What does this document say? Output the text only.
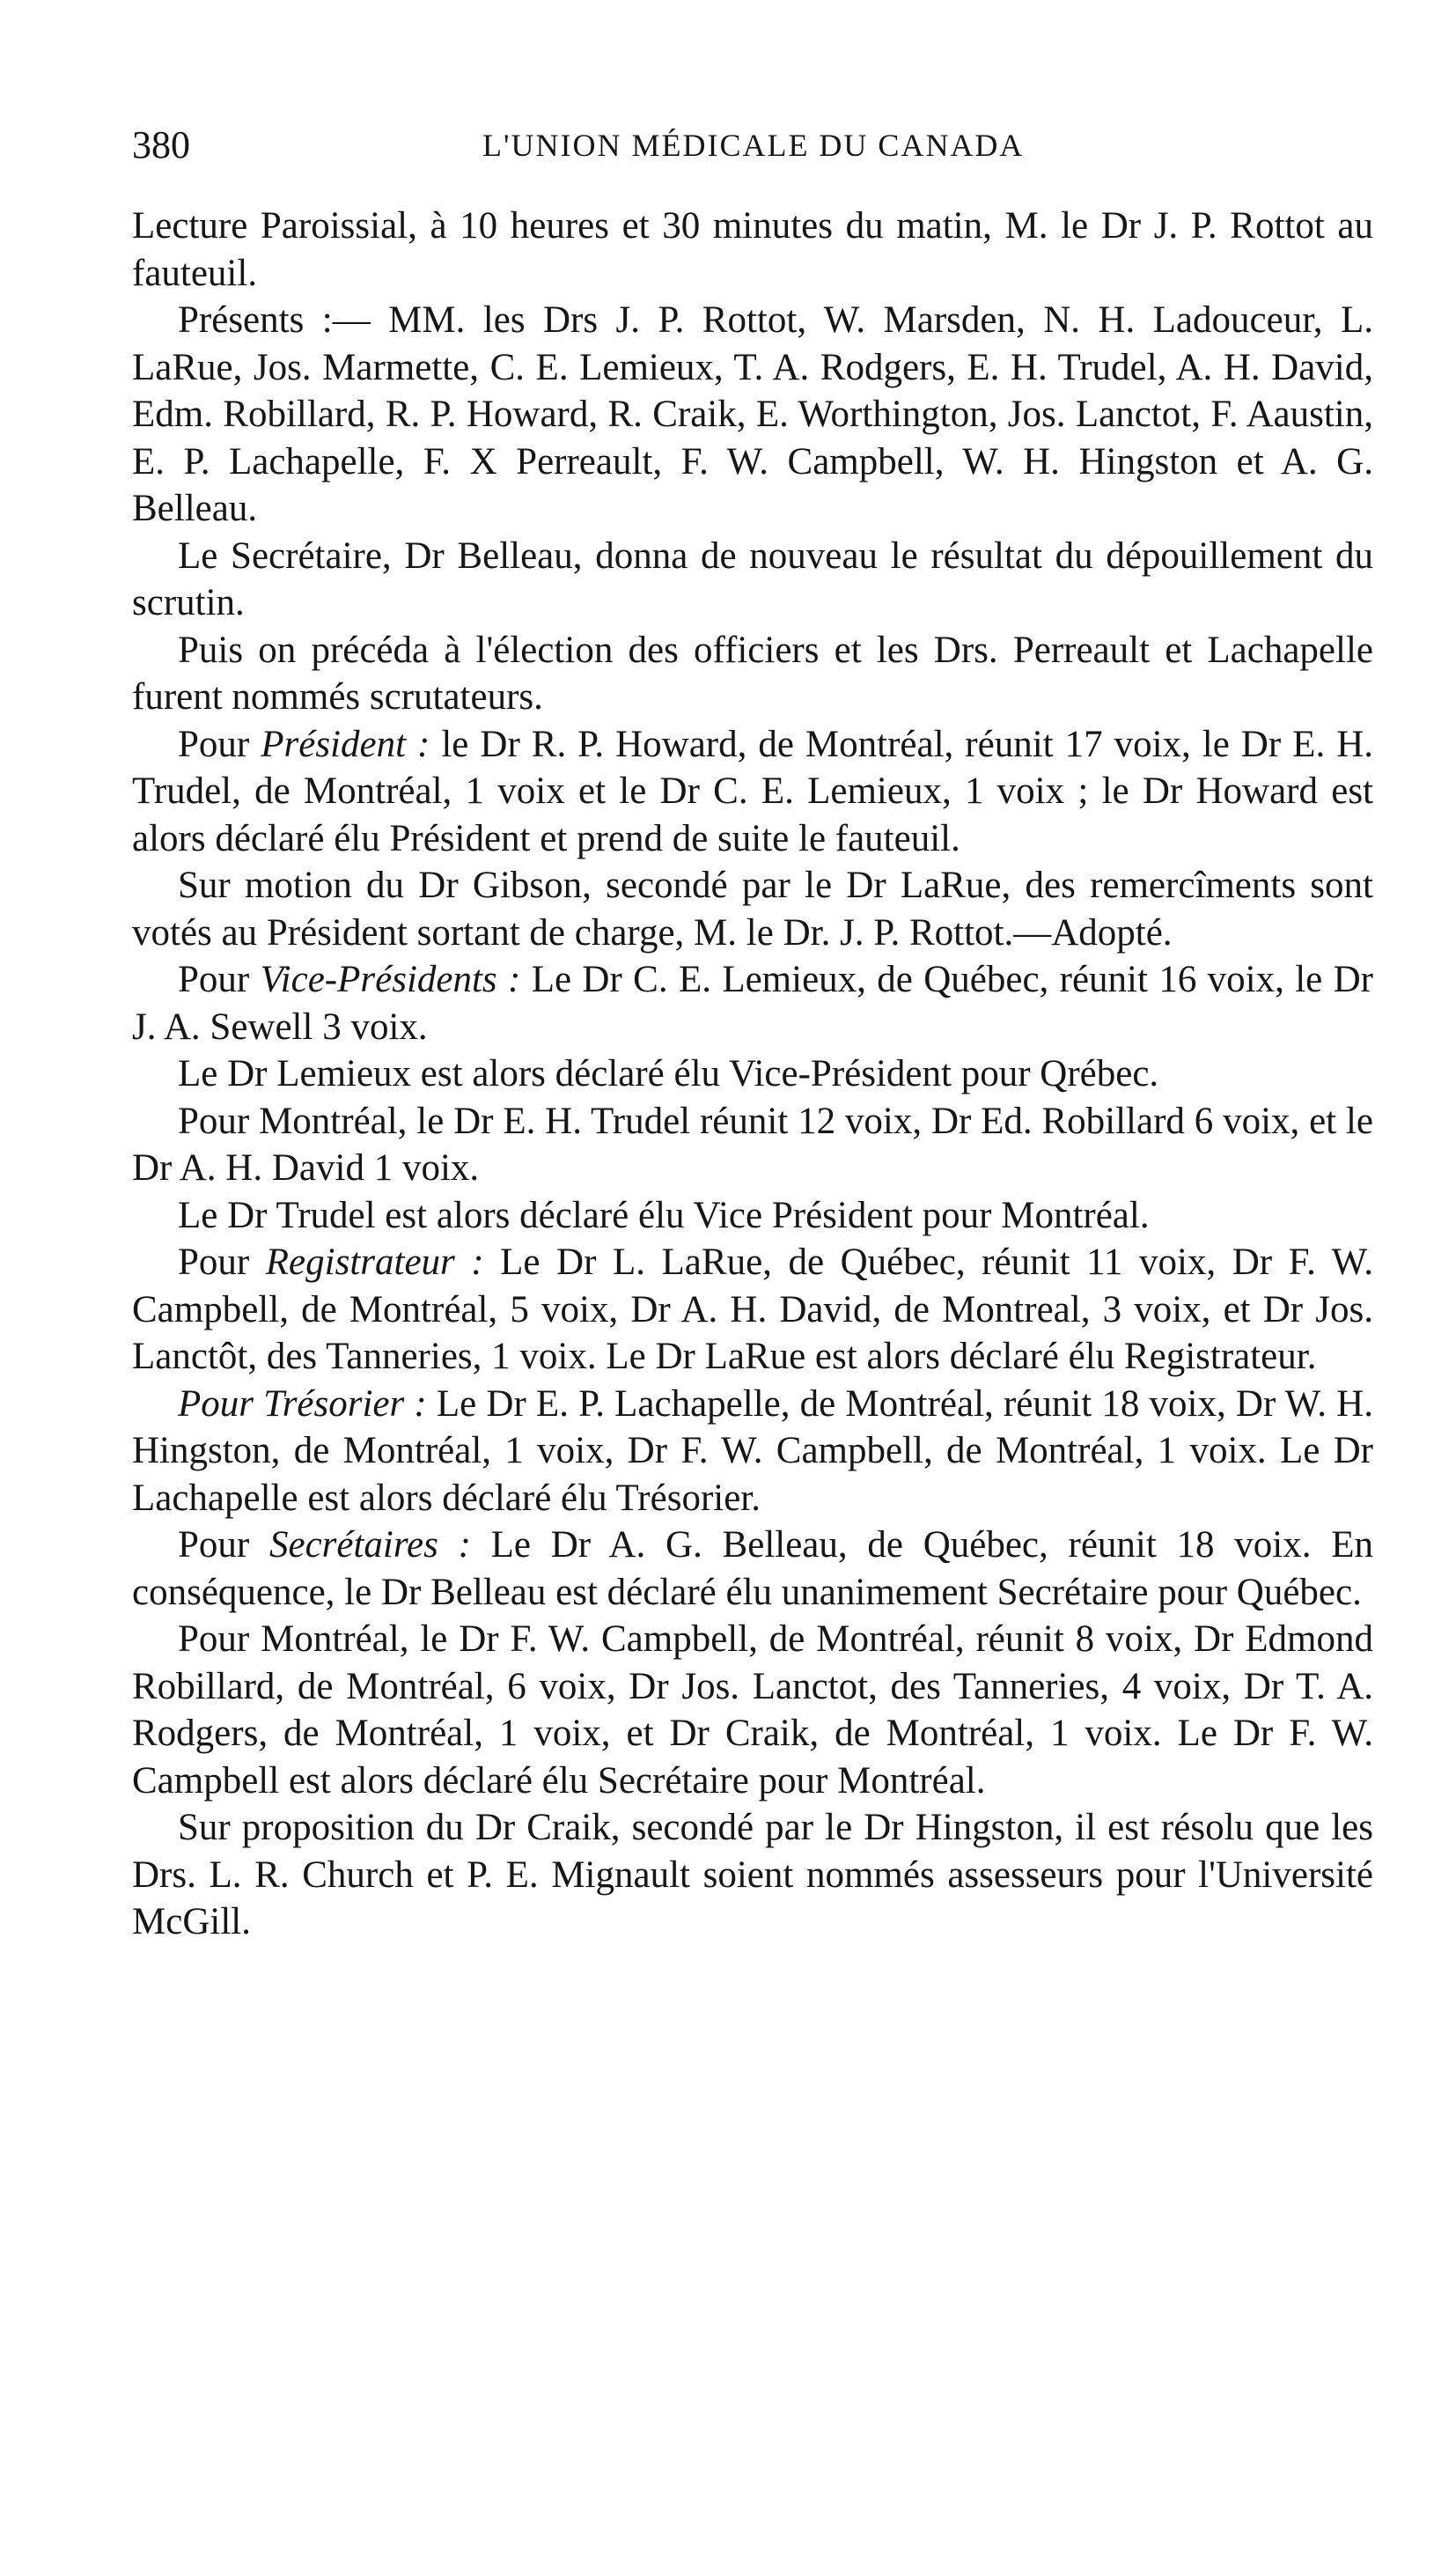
380	L'UNION MÉDICALE DU CANADA

Lecture Paroissial, à 10 heures et 30 minutes du matin, M. le Dr J. P. Rottot au fauteuil.

Présents :— MM. les Drs J. P. Rottot, W. Marsden, N. H. Ladouceur, L. LaRue, Jos. Marmette, C. E. Lemieux, T. A. Rodgers, E. H. Trudel, A. H. David, Edm. Robillard, R. P. Howard, R. Craik, E. Worthington, Jos. Lanctot, F. Aaustin, E. P. Lachapelle, F. X Perreault, F. W. Campbell, W. H. Hingston et A. G. Belleau.

Le Secrétaire, Dr Belleau, donna de nouveau le résultat du dépouillement du scrutin.

Puis on précéda à l'élection des officiers et les Drs. Perreault et Lachapelle furent nommés scrutateurs.

Pour Président : le Dr R. P. Howard, de Montréal, réunit 17 voix, le Dr E. H. Trudel, de Montréal, 1 voix et le Dr C. E. Lemieux, 1 voix ; le Dr Howard est alors déclaré élu Président et prend de suite le fauteuil.

Sur motion du Dr Gibson, secondé par le Dr LaRue, des remercîments sont votés au Président sortant de charge, M. le Dr. J. P. Rottot.—Adopté.

Pour Vice-Présidents : Le Dr C. E. Lemieux, de Québec, réunit 16 voix, le Dr J. A. Sewell 3 voix.

Le Dr Lemieux est alors déclaré élu Vice-Président pour Qrébec.

Pour Montréal, le Dr E. H. Trudel réunit 12 voix, Dr Ed. Robillard 6 voix, et le Dr A. H. David 1 voix.

Le Dr Trudel est alors déclaré élu Vice Président pour Montréal.

Pour Registrateur : Le Dr L. LaRue, de Québec, réunit 11 voix, Dr F. W. Campbell, de Montréal, 5 voix, Dr A. H. David, de Montreal, 3 voix, et Dr Jos. Lanctôt, des Tanneries, 1 voix. Le Dr LaRue est alors déclaré élu Registrateur.

Pour Trésorier : Le Dr E. P. Lachapelle, de Montréal, réunit 18 voix, Dr W. H. Hingston, de Montréal, 1 voix, Dr F. W. Campbell, de Montréal, 1 voix. Le Dr Lachapelle est alors déclaré élu Trésorier.

Pour Secrétaires : Le Dr A. G. Belleau, de Québec, réunit 18 voix. En conséquence, le Dr Belleau est déclaré élu unanimement Secrétaire pour Québec.

Pour Montréal, le Dr F. W. Campbell, de Montréal, réunit 8 voix, Dr Edmond Robillard, de Montréal, 6 voix, Dr Jos. Lanctot, des Tanneries, 4 voix, Dr T. A. Rodgers, de Montréal, 1 voix, et Dr Craik, de Montréal, 1 voix. Le Dr F. W. Campbell est alors déclaré élu Secrétaire pour Montréal.

Sur proposition du Dr Craik, secondé par le Dr Hingston, il est résolu que les Drs. L. R. Church et P. E. Mignault soient nommés assesseurs pour l'Université McGill.
